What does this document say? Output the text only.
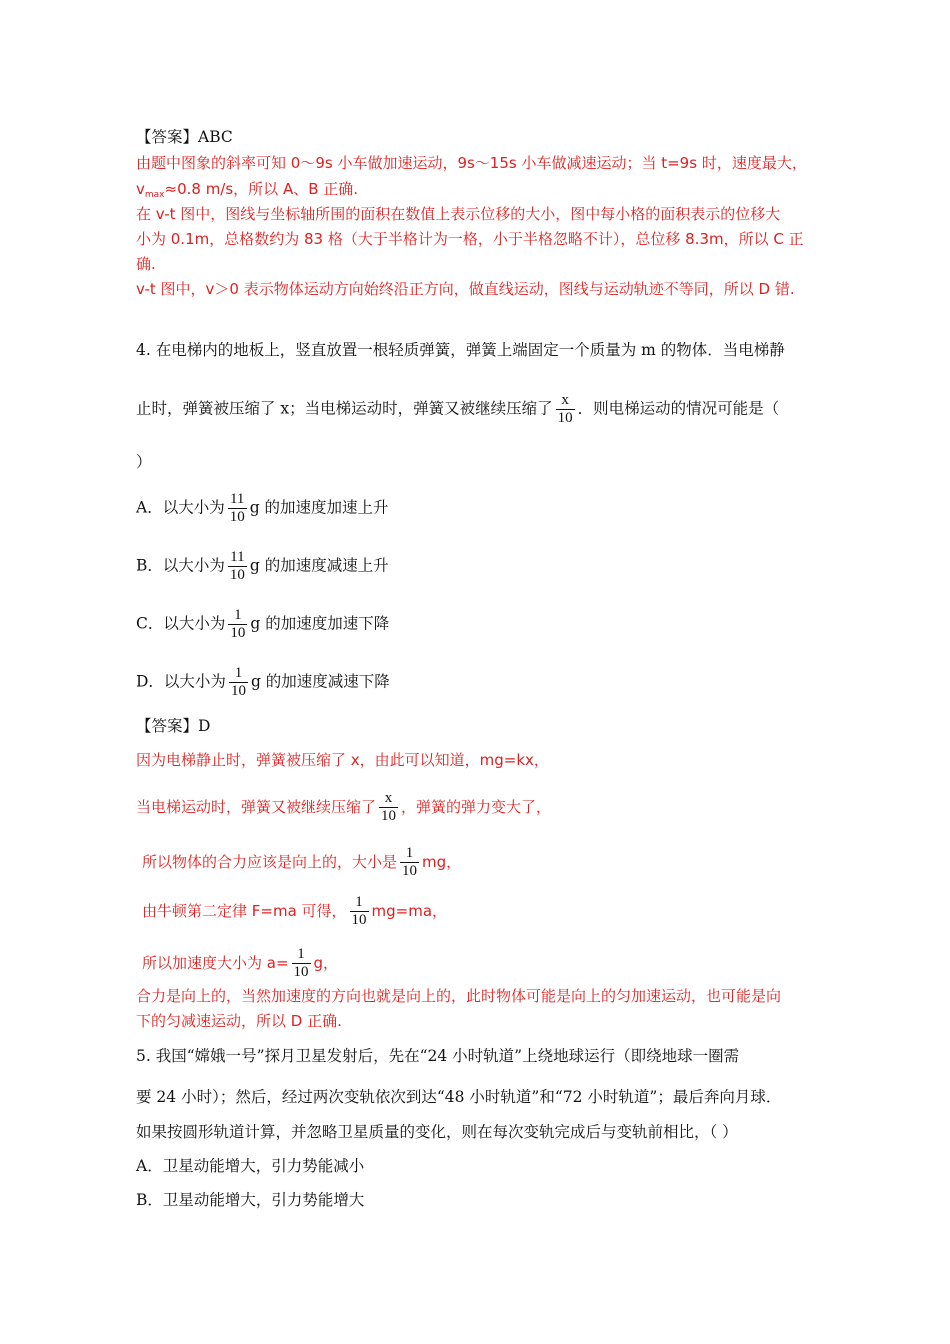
【答案】ABC
由题中图象的斜率可知 0～9s 小车做加速运动，9s～15s 小车做减速运动；当 t=9s 时，速度最大，
$v_{max}\approx 0.8$ m/s，所以 A、B 正确.
在 v-t 图中，图线与坐标轴所围的面积在数值上表示位移的大小，图中每小格的面积表示的位移大
小为 0.1m，总格数约为 83 格（大于半格计为一格，小于半格忽略不计），总位移 8.3m，所以 C 正
确.
v-t 图中，v＞0 表示物体运动方向始终沿正方向，做直线运动，图线与运动轨迹不等同，所以 D 错.
4. 在电梯内的地板上，竖直放置一根轻质弹簧，弹簧上端固定一个质量为 m 的物体．当电梯静
止时，弹簧被压缩了 x；当电梯运动时，弹簧又被继续压缩了 $\frac{x}{10}$ ．则电梯运动的情况可能是（
）
A．以大小为 $\frac{11}{10}$ g 的加速度加速上升
B．以大小为 $\frac{11}{10}$ g 的加速度减速上升
C．以大小为 $\frac{1}{10}$ g 的加速度加速下降
D．以大小为 $\frac{1}{10}$ g 的加速度减速下降
【答案】D
因为电梯静止时，弹簧被压缩了 x，由此可以知道，mg=kx，
当电梯运动时，弹簧又被继续压缩了 $\frac{x}{10}$ ，弹簧的弹力变大了，
所以物体的合力应该是向上的，大小是 $\frac{1}{10}$ mg，
由牛顿第二定律 F=ma 可得， $\frac{1}{10} mg=ma$，
所以加速度大小为 $a= \frac{1}{10}$ g，
合力是向上的，当然加速度的方向也就是向上的，此时物体可能是向上的匀加速运动，也可能是向
下的匀减速运动，所以 D 正确.
5. 我国“嫦娥一号”探月卫星发射后，先在“24 小时轨道”上绕地球运行（即绕地球一圈需
要 24 小时）；然后，经过两次变轨依次到达“48 小时轨道”和“72 小时轨道”；最后奔向月球．
如果按圆形轨道计算，并忽略卫星质量的变化，则在每次变轨完成后与变轨前相比，（ ）
A．卫星动能增大，引力势能减小
B．卫星动能增大，引力势能增大
